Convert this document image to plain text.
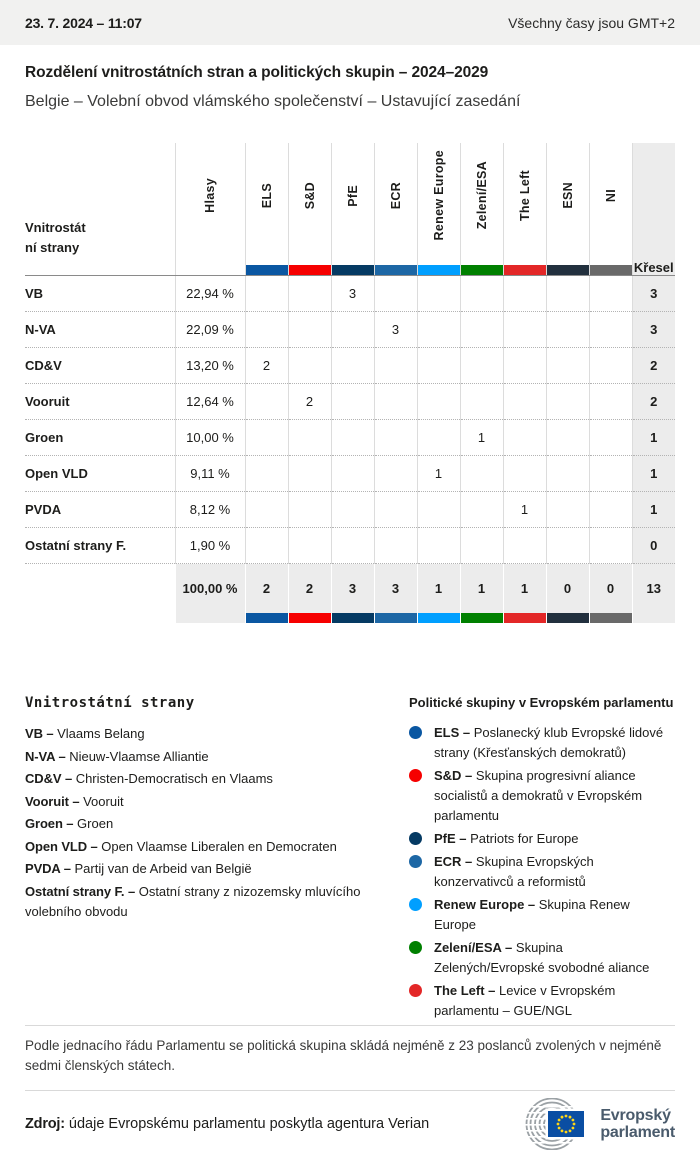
23. 7. 2024 – 11:07	Všechny časy jsou GMT+2
Rozdělení vnitrostátních stran a politických skupin – 2024–2029
Belgie – Volební obvod vlámského společenství – Ustavující zasedání
Vnitrostátní strany	Hlasy	ELS	S&D	PfE	ECR	Renew Europe	Zelení/ESA	The Left	ESN	NI	Křesel
VB	22,94 %			3							3
N-VA	22,09 %				3						3
CD&V	13,20 %	2									2
Vooruit	12,64 %		2								2
Groen	10,00 %						1				1
Open VLD	9,11 %					1					1
PVDA	8,12 %							1			1
Ostatní strany F.	1,90 %										0
	100,00 %	2	2	3	3	1	1	1	0	0	13
Vnitrostátní strany
VB – Vlaams Belang
N-VA – Nieuw-Vlaamse Alliantie
CD&V – Christen-Democratisch en Vlaams
Vooruit – Vooruit
Groen – Groen
Open VLD – Open Vlaamse Liberalen en Democraten
PVDA – Partij van de Arbeid van België
Ostatní strany F. – Ostatní strany z nizozemsky mluvícího volebního obvodu
Politické skupiny v Evropském parlamentu
ELS – Poslanecký klub Evropské lidové strany (Křesťanských demokratů)
S&D – Skupina progresivní aliance socialistů a demokratů v Evropském parlamentu
PfE – Patriots for Europe
ECR – Skupina Evropských konzervativců a reformistů
Renew Europe – Skupina Renew Europe
Zelení/ESA – Skupina Zelených/Evropské svobodné aliance
The Left – Levice v Evropském parlamentu – GUE/NGL
Podle jednacího řádu Parlamentu se politická skupina skládá nejméně z 23 poslanců zvolených v nejméně sedmi členských státech.
Zdroj: údaje Evropskému parlamentu poskytla agentura Verian	Evropský
parlament
